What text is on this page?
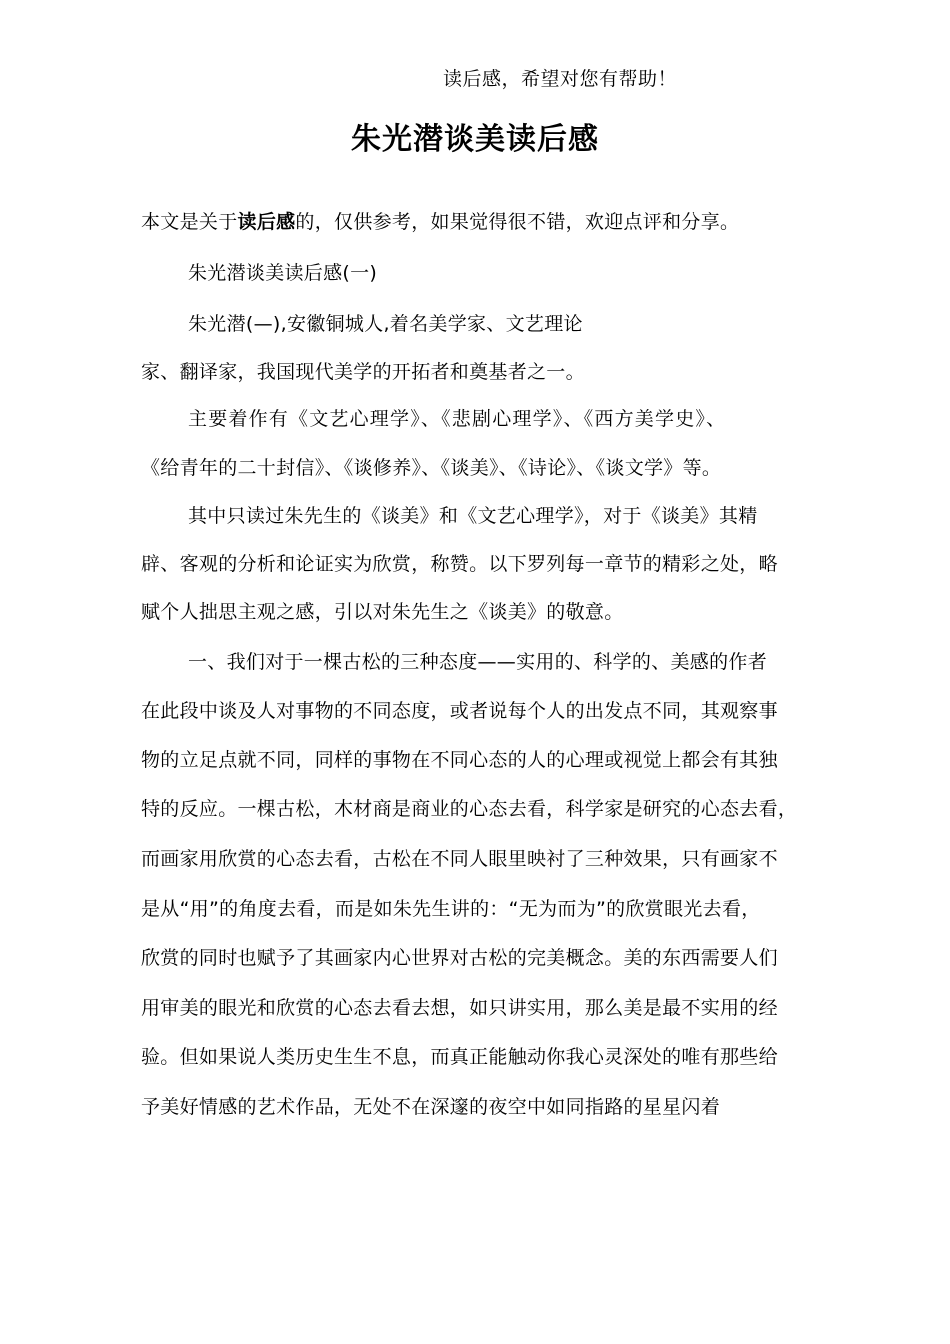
读后感，希望对您有帮助！
朱光潜谈美读后感
本文是关于读后感的，仅供参考，如果觉得很不错，欢迎点评和分享。
朱光潜谈美读后感(一)
朱光潜(—),安徽铜城人,着名美学家、文艺理论
家、翻译家，我国现代美学的开拓者和奠基者之一。
主要着作有《文艺心理学》、《悲剧心理学》、《西方美学史》、
《给青年的二十封信》、《谈修养》、《谈美》、《诗论》、《谈文学》等。
其中只读过朱先生的《谈美》和《文艺心理学》，对于《谈美》其精
辟、客观的分析和论证实为欣赏，称赞。以下罗列每一章节的精彩之处，略
赋个人拙思主观之感，引以对朱先生之《谈美》的敬意。
一、我们对于一棵古松的三种态度——实用的、科学的、美感的作者
在此段中谈及人对事物的不同态度，或者说每个人的出发点不同，其观察事
物的立足点就不同，同样的事物在不同心态的人的心理或视觉上都会有其独
特的反应。一棵古松，木材商是商业的心态去看，科学家是研究的心态去看，
而画家用欣赏的心态去看，古松在不同人眼里映衬了三种效果，只有画家不
是从“用”的角度去看，而是如朱先生讲的：“无为而为”的欣赏眼光去看，
欣赏的同时也赋予了其画家内心世界对古松的完美概念。美的东西需要人们
用审美的眼光和欣赏的心态去看去想，如只讲实用，那么美是最不实用的经
验。但如果说人类历史生生不息，而真正能触动你我心灵深处的唯有那些给
予美好情感的艺术作品，无处不在深邃的夜空中如同指路的星星闪着
